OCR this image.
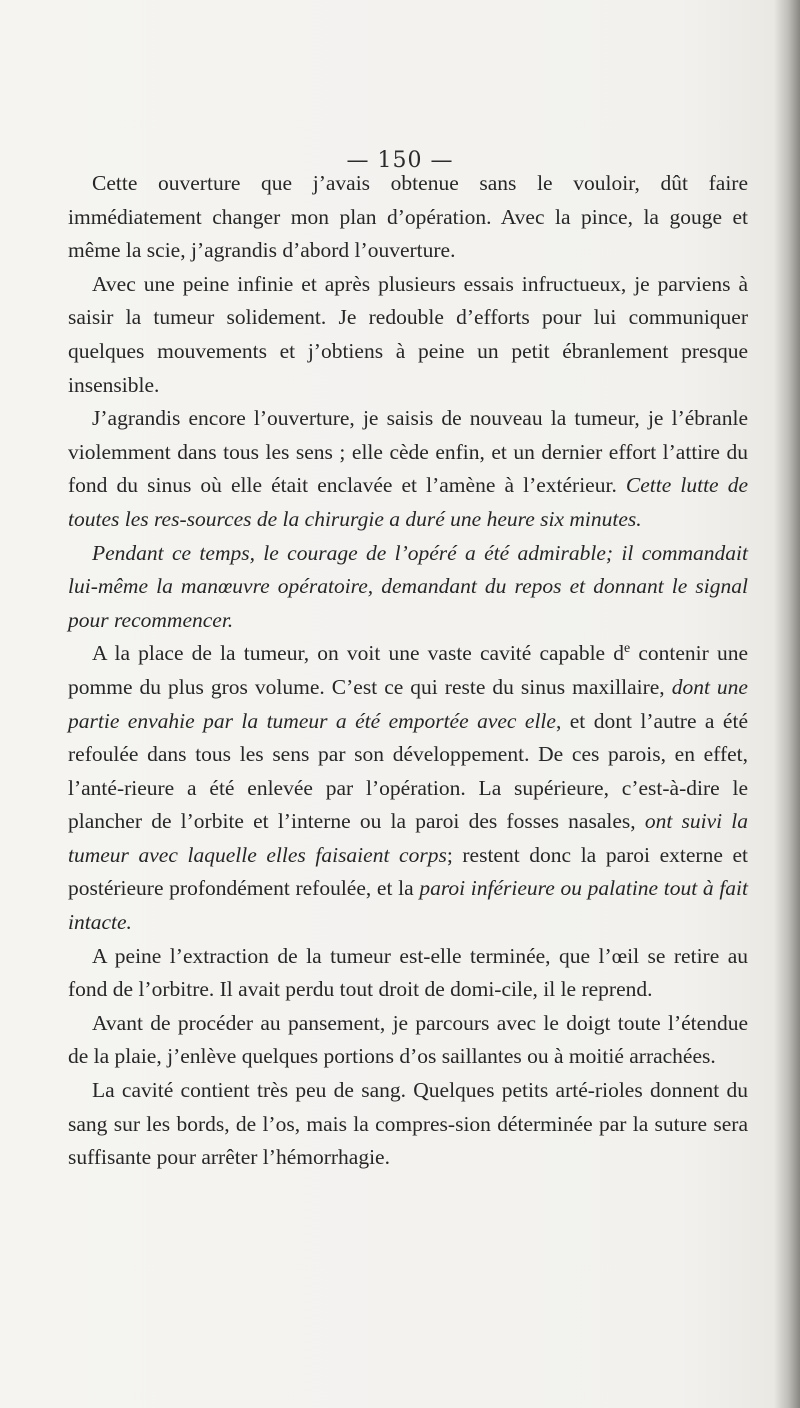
— 150 —

Cette ouverture que j’avais obtenue sans le vouloir, dût faire immédiatement changer mon plan d’opération. Avec la pince, la gouge et même la scie, j’agrandis d’abord l’ouverture.

Avec une peine infinie et après plusieurs essais infructueux, je parviens à saisir la tumeur solidement. Je redouble d’efforts pour lui communiquer quelques mouvements et j’obtiens à peine un petit ébranlement presque insensible.

J’agrandis encore l’ouverture, je saisis de nouveau la tumeur, je l’ébranle violemment dans tous les sens ; elle cède enfin, et un dernier effort l’attire du fond du sinus où elle était enclavée et l’amène à l’extérieur. Cette lutte de toutes les res-sources de la chirurgie a duré une heure six minutes.

Pendant ce temps, le courage de l’opéré a été admirable; il commandait lui-même la manœuvre opératoire, demandant du repos et donnant le signal pour recommencer.

A la place de la tumeur, on voit une vaste cavité capable $d^e$ contenir une pomme du plus gros volume. C’est ce qui reste du sinus maxillaire, dont une partie envahie par la tumeur a été emportée avec elle, et dont l’autre a été refoulée dans tous les sens par son développement. De ces parois, en effet, l’anté-rieure a été enlevée par l’opération. La supérieure, c’est-à-dire le plancher de l’orbite et l’interne ou la paroi des fosses nasales, ont suivi la tumeur avec laquelle elles faisaient corps; restent donc la paroi externe et postérieure profondément refoulée, et la paroi inférieure ou palatine tout à fait intacte.

A peine l’extraction de la tumeur est-elle terminée, que l’œil se retire au fond de l’orbitre. Il avait perdu tout droit de domi-cile, il le reprend.

Avant de procéder au pansement, je parcours avec le doigt toute l’étendue de la plaie, j’enlève quelques portions d’os saillantes ou à moitié arrachées.

La cavité contient très peu de sang. Quelques petits arté-rioles donnent du sang sur les bords, de l’os, mais la compres-sion déterminée par la suture sera suffisante pour arrêter l’hémorrhagie.
